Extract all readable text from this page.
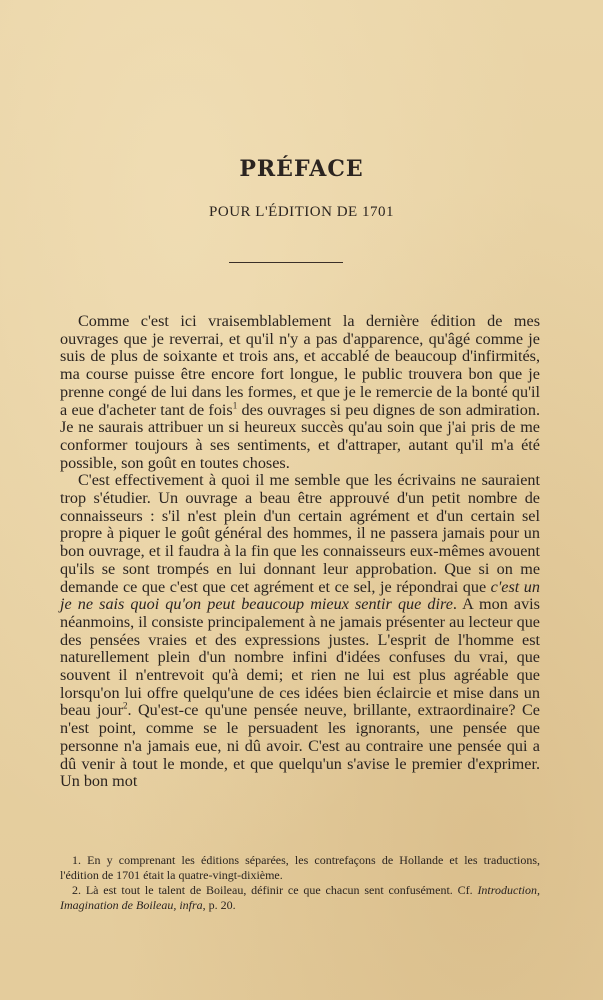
PRÉFACE
POUR L'ÉDITION DE 1701

Comme c'est ici vraisemblablement la dernière édition de mes ouvrages que je reverrai, et qu'il n'y a pas d'apparence, qu'âgé comme je suis de plus de soixante et trois ans, et accablé de beaucoup d'infirmités, ma course puisse être encore fort longue, le public trouvera bon que je prenne congé de lui dans les formes, et que je le remercie de la bonté qu'il a eue d'acheter tant de fois$^1$ des ouvrages si peu dignes de son admiration. Je ne saurais attribuer un si heureux succès qu'au soin que j'ai pris de me conformer toujours à ses sentiments, et d'attraper, autant qu'il m'a été possible, son goût en toutes choses.

C'est effectivement à quoi il me semble que les écrivains ne sauraient trop s'étudier. Un ouvrage a beau être approuvé d'un petit nombre de connaisseurs : s'il n'est plein d'un certain agrément et d'un certain sel propre à piquer le goût général des hommes, il ne passera jamais pour un bon ouvrage, et il faudra à la fin que les connaisseurs eux-mêmes avouent qu'ils se sont trompés en lui donnant leur approbation. Que si on me demande ce que c'est que cet agrément et ce sel, je répondrai que c'est un je ne sais quoi qu'on peut beaucoup mieux sentir que dire. A mon avis néanmoins, il consiste principalement à ne jamais présenter au lecteur que des pensées vraies et des expressions justes. L'esprit de l'homme est naturellement plein d'un nombre infini d'idées confuses du vrai, que souvent il n'entrevoit qu'à demi; et rien ne lui est plus agréable que lorsqu'on lui offre quelqu'une de ces idées bien éclaircie et mise dans un beau jour$^2$. Qu'est-ce qu'une pensée neuve, brillante, extraordinaire? Ce n'est point, comme se le persuadent les ignorants, une pensée que personne n'a jamais eue, ni dû avoir. C'est au contraire une pensée qui a dû venir à tout le monde, et que quelqu'un s'avise le premier d'exprimer. Un bon mot

1. En y comprenant les éditions séparées, les contrefaçons de Hollande et les traductions, l'édition de 1701 était la quatre-vingt-dixième.

2. Là est tout le talent de Boileau, définir ce que chacun sent confusément. Cf. Introduction, Imagination de Boileau, infra, p. 20.
